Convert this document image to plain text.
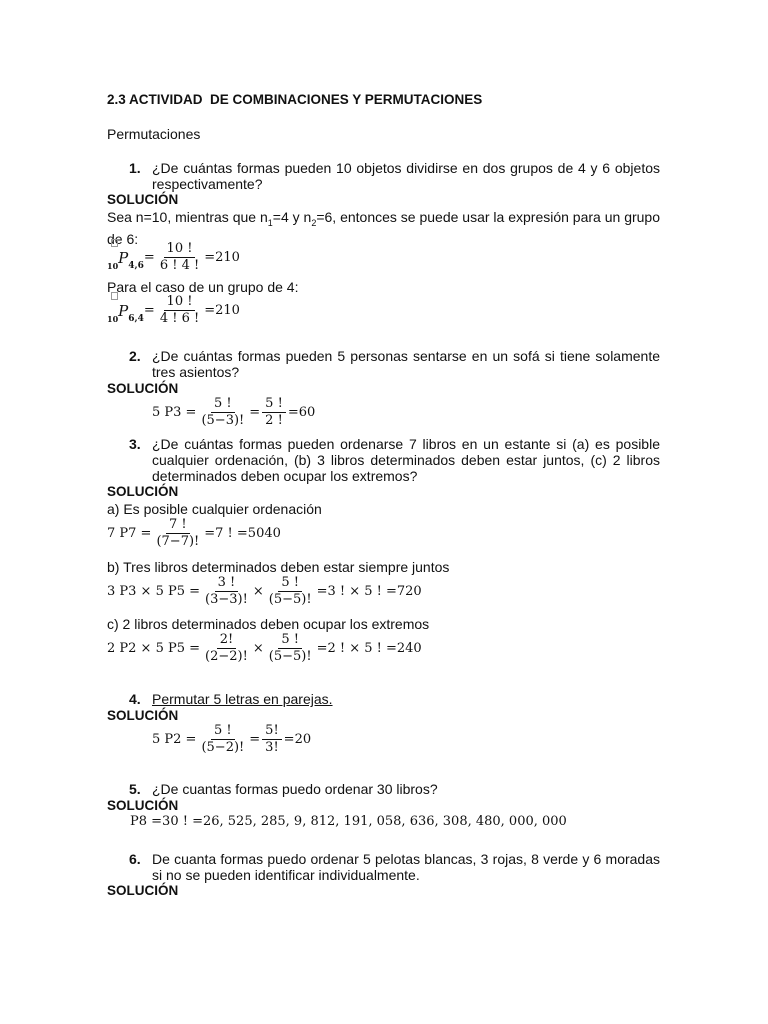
2.3 ACTIVIDAD  DE COMBINACIONES Y PERMUTACIONES
Permutaciones
1. ¿De cuántas formas pueden 10 objetos dividirse en dos grupos de 4 y 6 objetos respectivamente?
SOLUCIÓN
Sea n=10, mientras que $n_1=4$ y $n_2=6$, entonces se puede usar la expresión para un grupo de 6:
10 P 4,6
= $\frac{10 !}{6 ! 4 !} =210$
Para el caso de un grupo de 4:
10 P 6,4
= $\frac{10 !}{4 ! 6 !} =210$
2. ¿De cuántas formas pueden 5 personas sentarse en un sofá si tiene solamente tres asientos?
SOLUCIÓN
5 $P3 = \frac{5 !}{(5-3)!} = \frac{5 !}{2 !} =60$
3. ¿De cuántas formas pueden ordenarse 7 libros en un estante si (a) es posible cualquier ordenación, (b) 3 libros determinados deben estar juntos, (c) 2 libros determinados deben ocupar los extremos?
SOLUCIÓN
a) Es posible cualquier ordenación
7 $P7 = \frac{7 !}{(7-7)!} =7$ ! =5040
b) Tres libros determinados deben estar siempre juntos
3 P3 × 5 $P5 = \frac{3 !}{(3-3)!} \times \frac{5 !}{(5-5)!} =3$ ! × 5 ! =720
c) 2 libros determinados deben ocupar los extremos
2 P2 × 5 $P5 = \frac{2!}{(2-2)!} \times \frac{5 !}{(5-5)!} =2$ ! × 5 ! =240
4. Permutar 5 letras en parejas.
SOLUCIÓN
5 $P2 = \frac{5 !}{(5-2)!} = \frac{5!}{3!} =20$
5. ¿De cuantas formas puedo ordenar 30 libros?
SOLUCIÓN
P8 =30 ! =26, 525, 285, 9, 812, 191, 058, 636, 308, 480, 000, 000
6. De cuanta formas puedo ordenar 5 pelotas blancas, 3 rojas, 8 verde y 6 moradas si no se pueden identificar individualmente.
SOLUCIÓN
